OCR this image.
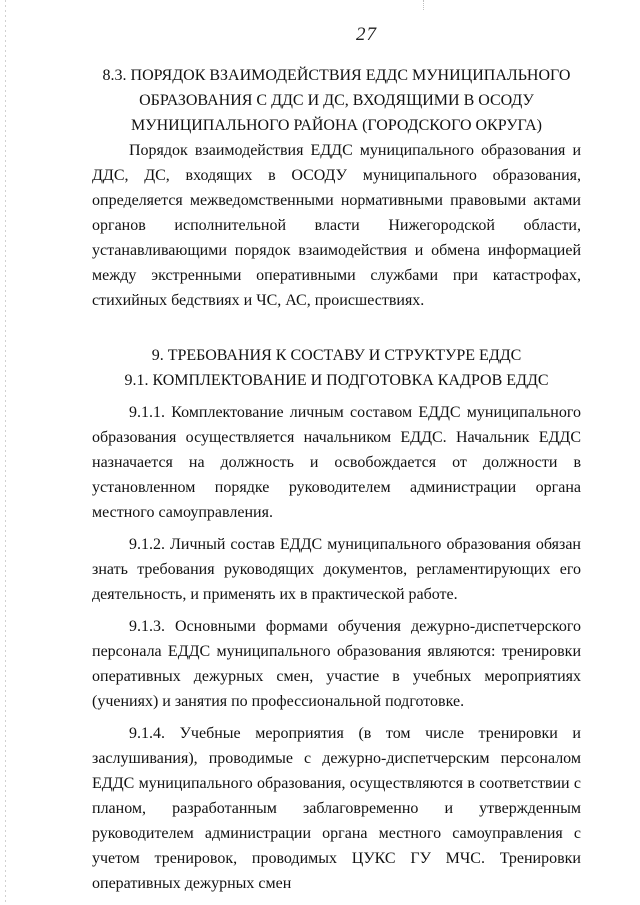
27
8.3. ПОРЯДОК ВЗАИМОДЕЙСТВИЯ ЕДДС МУНИЦИПАЛЬНОГО
ОБРАЗОВАНИЯ С ДДС И ДС, ВХОДЯЩИМИ В ОСОДУ
МУНИЦИПАЛЬНОГО РАЙОНА (ГОРОДСКОГО ОКРУГА)

Порядок взаимодействия ЕДДС муниципального образования и ДДС, ДС, входящих в ОСОДУ муниципального образования, определяется межведомственными нормативными правовыми актами органов исполнительной власти Нижегородской области, устанавливающими порядок взаимодействия и обмена информацией между экстренными оперативными службами при катастрофах, стихийных бедствиях и ЧС, АС, происшествиях.

9. ТРЕБОВАНИЯ К СОСТАВУ И СТРУКТУРЕ ЕДДС
9.1. КОМПЛЕКТОВАНИЕ И ПОДГОТОВКА КАДРОВ ЕДДС

9.1.1. Комплектование личным составом ЕДДС муниципального образования осуществляется начальником ЕДДС. Начальник ЕДДС назначается на должность и освобождается от должности в установленном порядке руководителем администрации органа местного самоуправления.

9.1.2. Личный состав ЕДДС муниципального образования обязан знать требования руководящих документов, регламентирующих его деятельность, и применять их в практической работе.

9.1.3. Основными формами обучения дежурно-диспетчерского персонала ЕДДС муниципального образования являются: тренировки оперативных дежурных смен, участие в учебных мероприятиях (учениях) и занятия по профессиональной подготовке.

9.1.4. Учебные мероприятия (в том числе тренировки и заслушивания), проводимые с дежурно-диспетчерским персоналом ЕДДС муниципального образования, осуществляются в соответствии с планом, разработанным заблаговременно и утвержденным руководителем администрации органа местного самоуправления с учетом тренировок, проводимых ЦУКС ГУ МЧС. Тренировки оперативных дежурных смен
